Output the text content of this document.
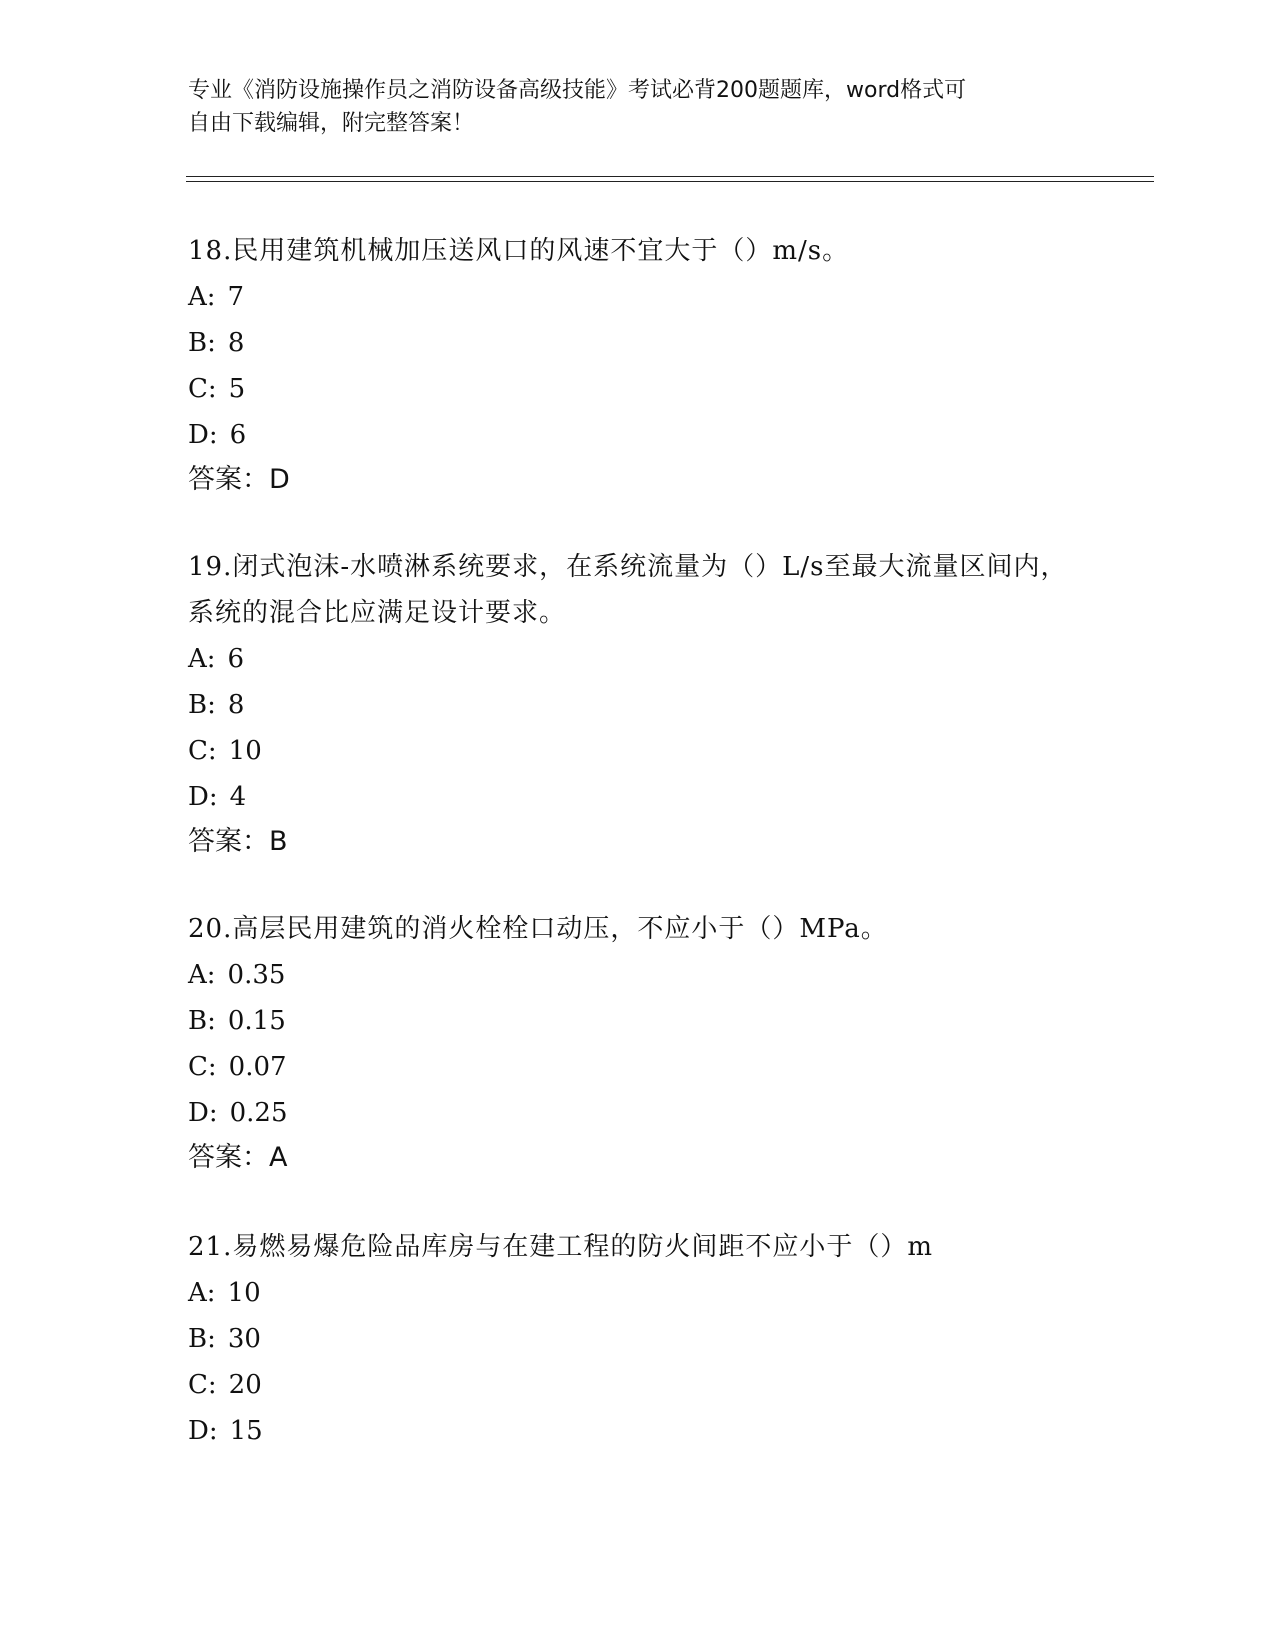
专业《消防设施操作员之消防设备高级技能》考试必背200题题库，word格式可
自由下载编辑，附完整答案！

18.民用建筑机械加压送风口的风速不宜大于（）m/s。

A: 7

B: 8

C: 5

D: 6

答案：D

19.闭式泡沫-水喷淋系统要求，在系统流量为（）L/s至最大流量区间内，系统的混合比应满足设计要求。

A: 6

B: 8

C: 10

D: 4

答案：B

20.高层民用建筑的消火栓栓口动压，不应小于（）MPa。

A: 0.35

B: 0.15

C: 0.07

D: 0.25

答案：A

21.易燃易爆危险品库房与在建工程的防火间距不应小于（）m

A: 10

B: 30

C: 20

D: 15
